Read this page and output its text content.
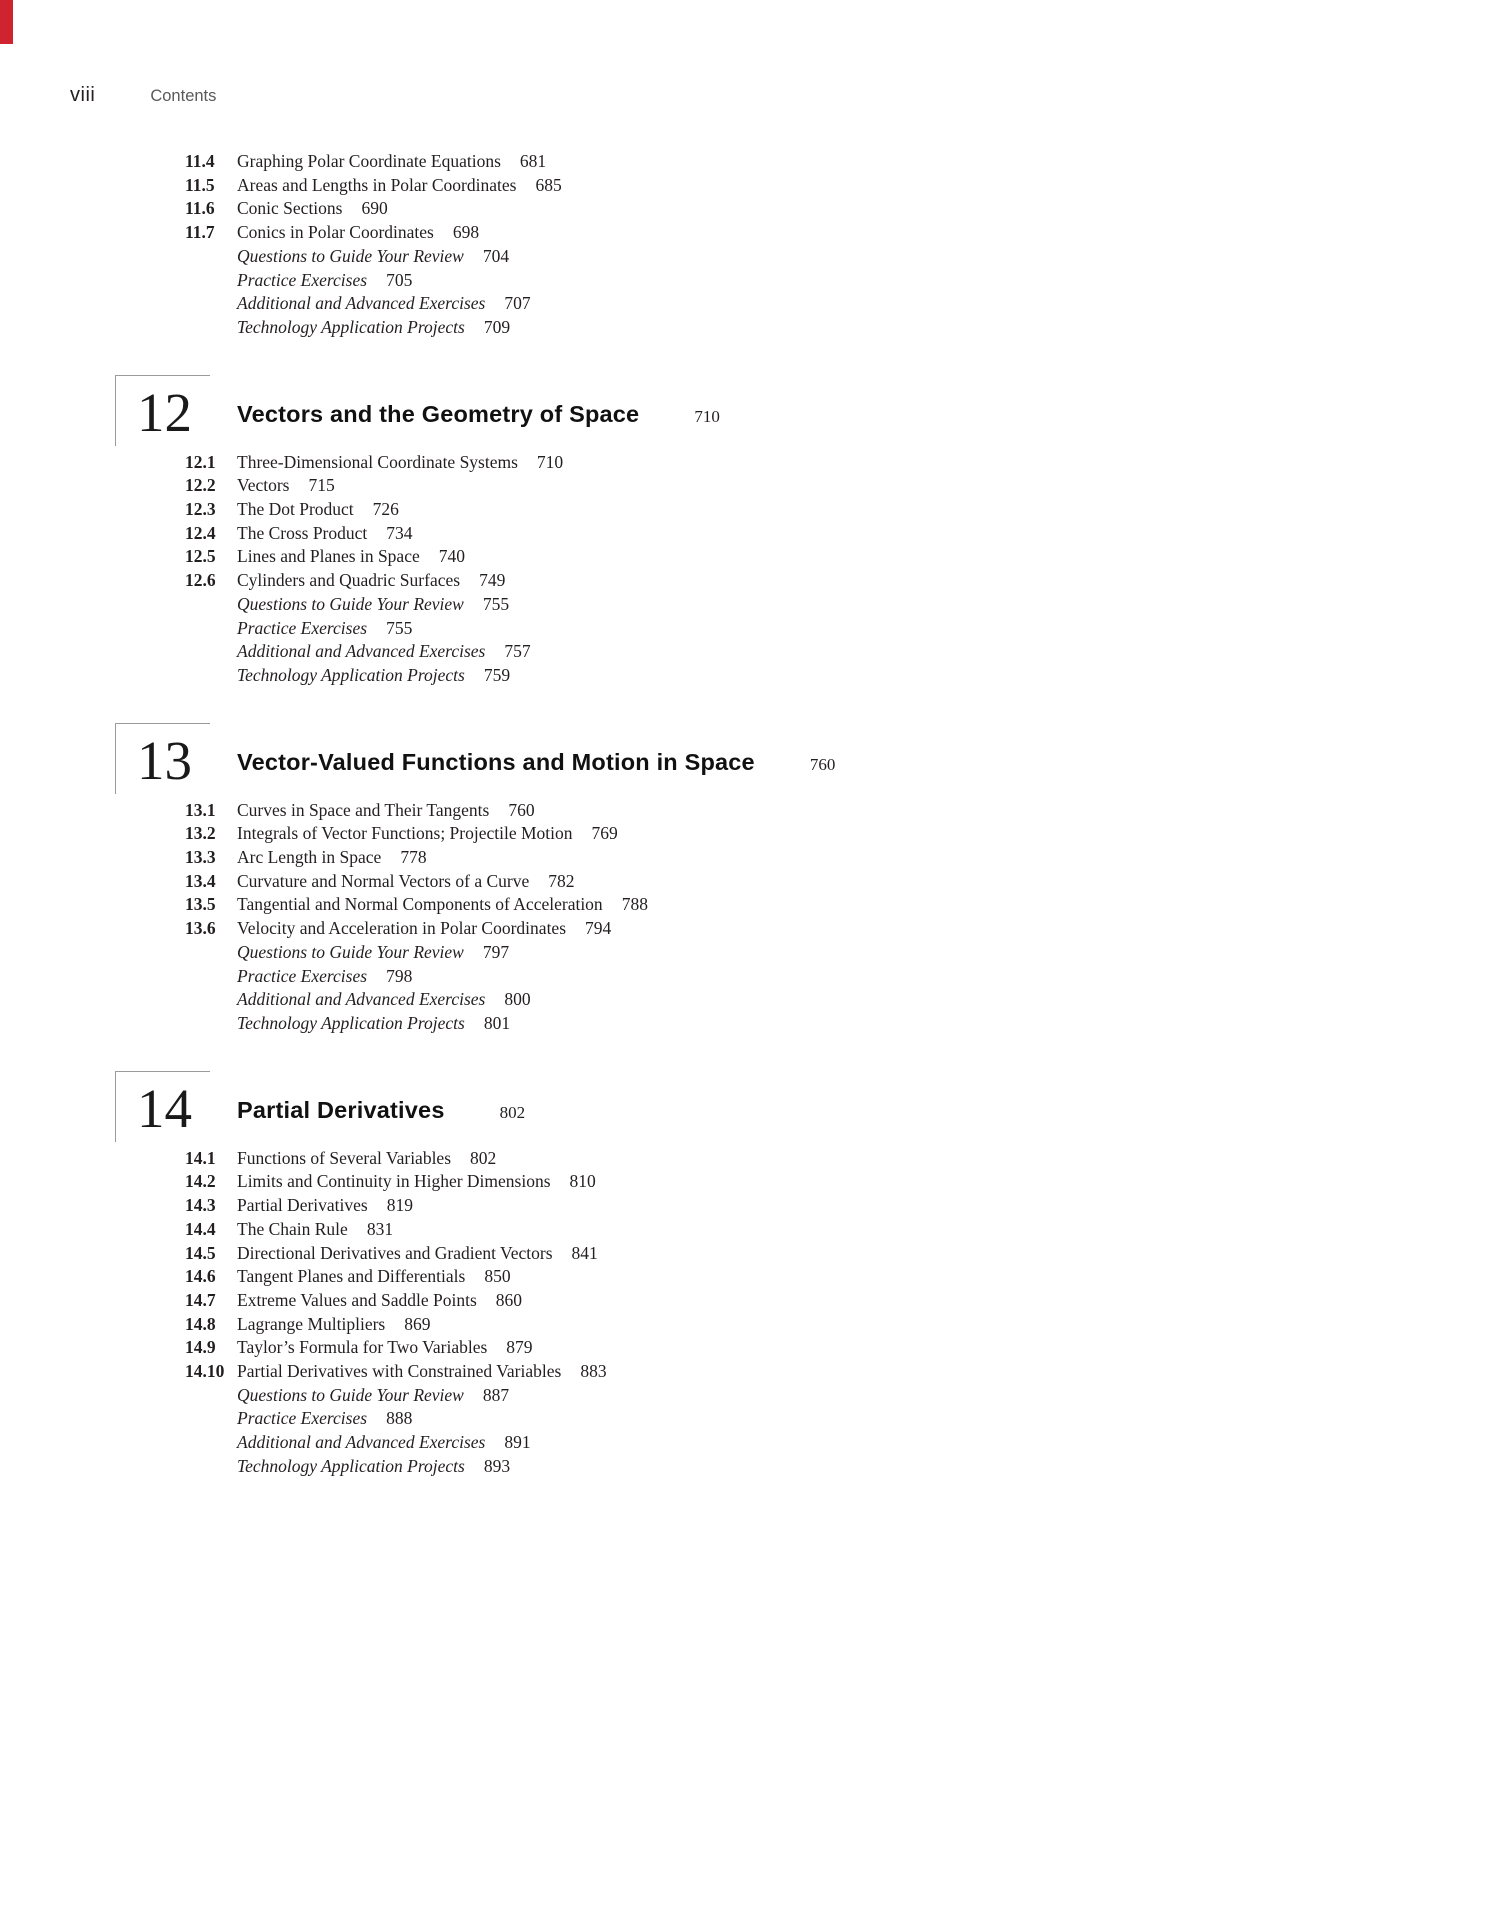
viii	Contents
11.4	Graphing Polar Coordinate Equations 681
11.5	Areas and Lengths in Polar Coordinates 685
11.6	Conic Sections 690
11.7	Conics in Polar Coordinates 698
Questions to Guide Your Review 704
Practice Exercises 705
Additional and Advanced Exercises 707
Technology Application Projects 709
12	Vectors and the Geometry of Space	710
12.1	Three-Dimensional Coordinate Systems 710
12.2	Vectors 715
12.3	The Dot Product 726
12.4	The Cross Product 734
12.5	Lines and Planes in Space 740
12.6	Cylinders and Quadric Surfaces 749
Questions to Guide Your Review 755
Practice Exercises 755
Additional and Advanced Exercises 757
Technology Application Projects 759
13	Vector-Valued Functions and Motion in Space	760
13.1	Curves in Space and Their Tangents 760
13.2	Integrals of Vector Functions; Projectile Motion 769
13.3	Arc Length in Space 778
13.4	Curvature and Normal Vectors of a Curve 782
13.5	Tangential and Normal Components of Acceleration 788
13.6	Velocity and Acceleration in Polar Coordinates 794
Questions to Guide Your Review 797
Practice Exercises 798
Additional and Advanced Exercises 800
Technology Application Projects 801
14	Partial Derivatives	802
14.1	Functions of Several Variables 802
14.2	Limits and Continuity in Higher Dimensions 810
14.3	Partial Derivatives 819
14.4	The Chain Rule 831
14.5	Directional Derivatives and Gradient Vectors 841
14.6	Tangent Planes and Differentials 850
14.7	Extreme Values and Saddle Points 860
14.8	Lagrange Multipliers 869
14.9	Taylor’s Formula for Two Variables 879
14.10 Partial Derivatives with Constrained Variables 883
Questions to Guide Your Review 887
Practice Exercises 888
Additional and Advanced Exercises 891
Technology Application Projects 893
